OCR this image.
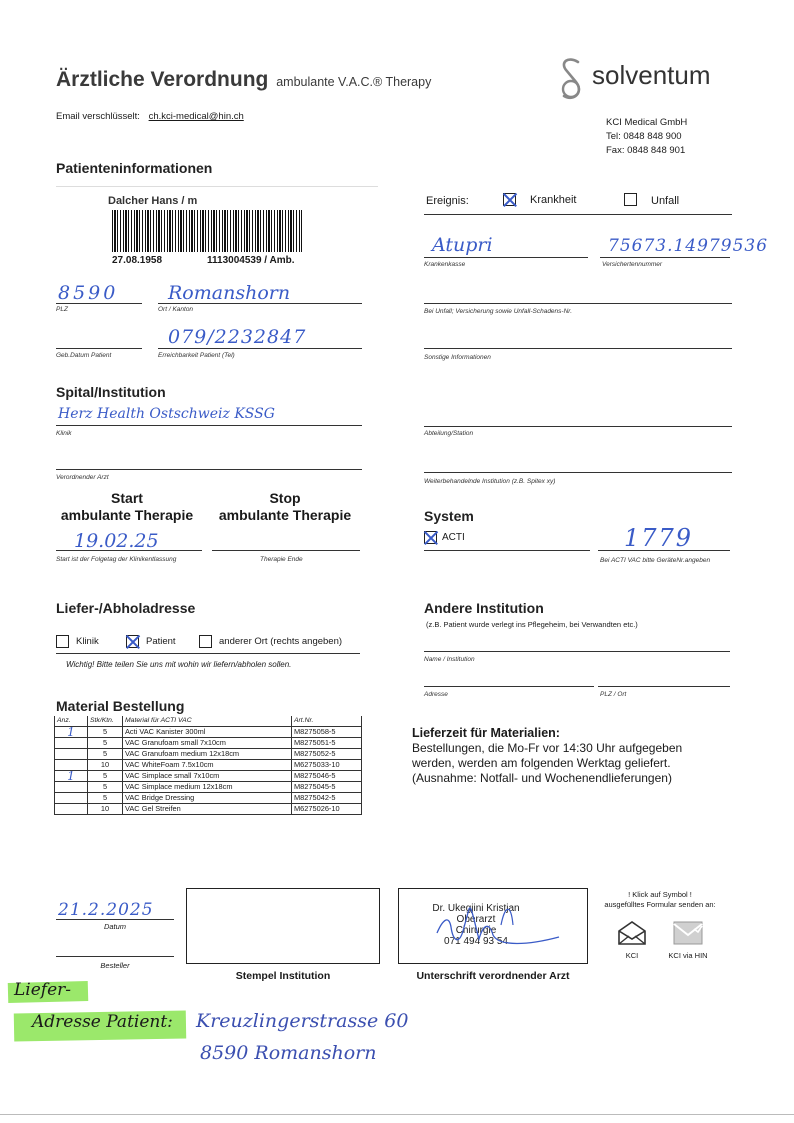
Ärztliche Verordnung ambulante V.A.C.® Therapy	solventum
Email verschlüsselt: ch.kci-medical@hin.ch
KCI Medical GmbH
Tel: 0848 848 900
Fax: 0848 848 901
Patienteninformationen
Dalcher Hans / m
27.08.1958	1113004539 / Amb.
8590
PLZ
Romanshorn
Ort / Kanton
Geb.Datum Patient
079/2232847
Erreichbarkeit Patient (Tel)
Ereignis:	Krankheit	Unfall
Atupri
Krankenkasse
75673.14979536
Versichertennummer
Bei Unfall; Versicherung sowie Unfall-Schadens-Nr.
Sonstige Informationen
Spital/Institution
Herz Health Ostschweiz KSSG
Klinik
Verordnender Arzt
Abteilung/Station
Weiterbehandelnde Institution (z.B. Spitex xy)
Start
ambulante Therapie
Stop
ambulante Therapie
19.02.25
Start ist der Folgetag der Klinikentlassung	Therapie Ende
System
ACTI	1779
Bei ACTI VAC bitte GeräteNr.angeben
Liefer-/Abholadresse
Klinik	Patient	anderer Ort (rechts angeben)
Wichtig! Bitte teilen Sie uns mit wohin wir liefern/abholen sollen.
Andere Institution
(z.B. Patient wurde verlegt ins Pflegeheim, bei Verwandten etc.)
Name / Institution
Adresse	PLZ / Ort
Material Bestellung
Anz.	Stk/Ktn.	Material für ACTI VAC	Art.Nr.
1	5	Acti VAC Kanister 300ml	M8275058-5
	5	VAC Granufoam small 7x10cm	M8275051-5
	5	VAC Granufoam medium 12x18cm	M8275052-5
	10	VAC WhiteFoam 7.5x10cm	M6275033-10
1	5	VAC Simplace small 7x10cm	M8275046-5
	5	VAC Simplace medium 12x18cm	M8275045-5
	5	VAC Bridge Dressing	M8275042-5
	10	VAC Gel Streifen	M6275026-10
Lieferzeit für Materialien:
Bestellungen, die Mo-Fr vor 14:30 Uhr aufgegeben
werden, werden am folgenden Werktag geliefert.
(Ausnahme: Notfall- und Wochenendlieferungen)
21.2.2025
Datum
Besteller
Stempel Institution
Dr. Ukegjini Kristjan
Oberarzt
Chirurgie
071 494 93 54
Unterschrift verordnender Arzt
! Klick auf Symbol !
ausgefülltes Formular senden an:
KCI	KCI via HIN
Liefer-
Adresse Patient: Kreuzlingerstrasse 60
8590 Romanshorn
